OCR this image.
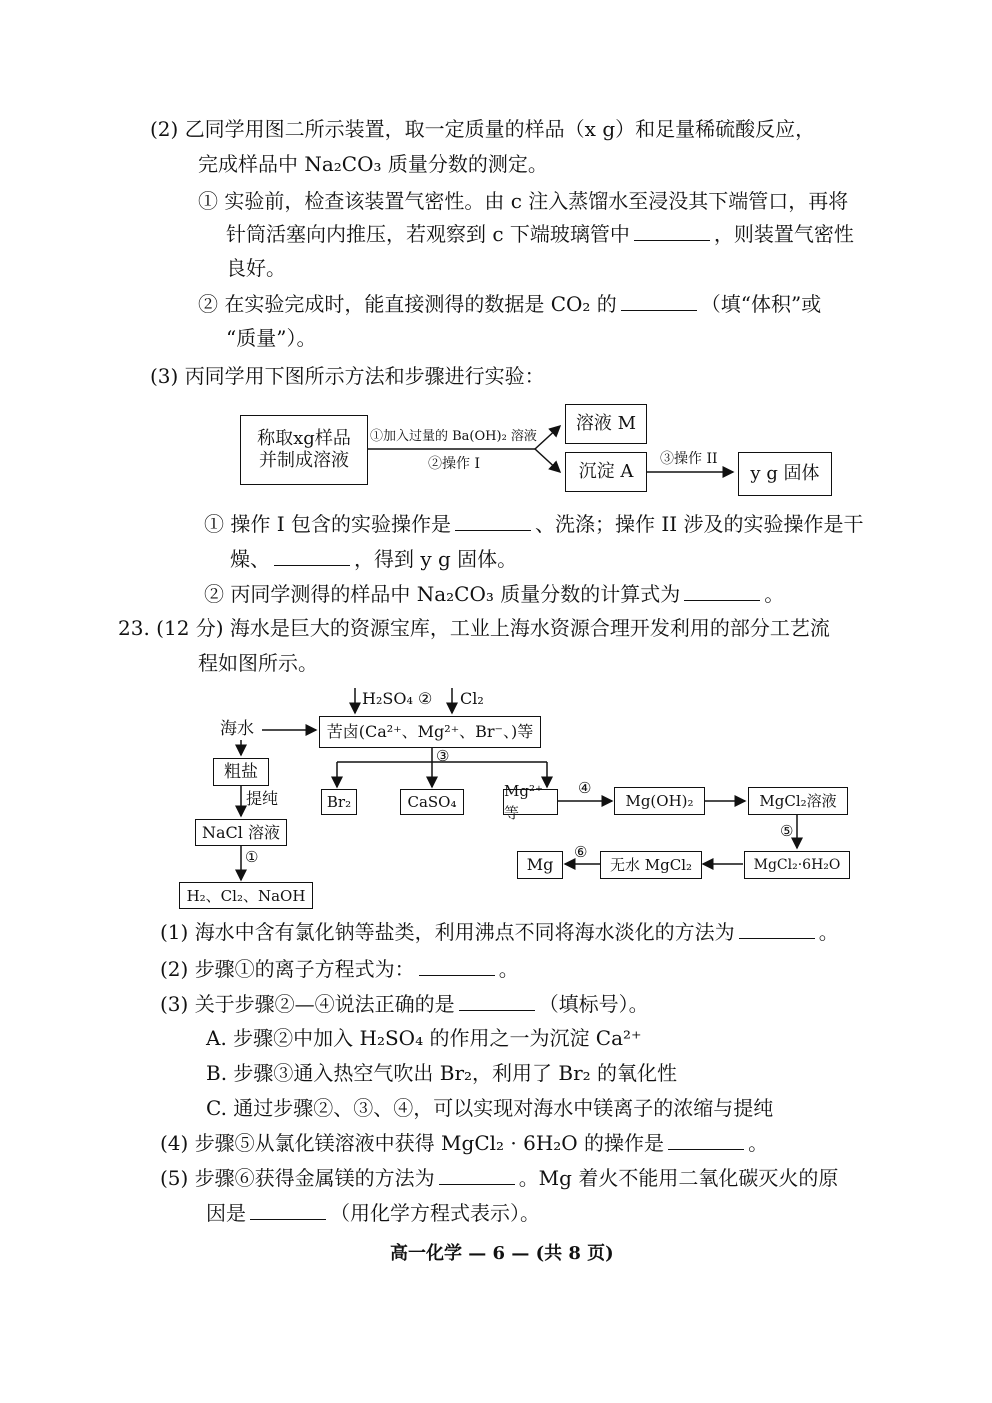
(2) 乙同学用图二所示装置，取一定质量的样品（x g）和足量稀硫酸反应，
完成样品中 Na₂CO₃ 质量分数的测定。
① 实验前，检查该装置气密性。由 c 注入蒸馏水至浸没其下端管口，再将
针筒活塞向内推压，若观察到 c 下端玻璃管中	，则装置气密性
良好。
② 在实验完成时，能直接测得的数据是 CO₂ 的	（填“体积”或
“质量”）。
(3) 丙同学用下图所示方法和步骤进行实验：
称取xg样品
并制成溶液
①加入过量的 Ba(OH)₂ 溶液
②操作 I
溶液 M
沉淀 A
③操作 II
y g 固体
① 操作 I 包含的实验操作是	、洗涤；操作 II 涉及的实验操作是干
燥、	，得到 y g 固体。
② 丙同学测得的样品中 Na₂CO₃ 质量分数的计算式为	。
23. (12 分) 海水是巨大的资源宝库，工业上海水资源合理开发利用的部分工艺流
程如图所示。
H₂SO₄ ② Cl₂
海水	苦卤(Ca²⁺、Mg²⁺、Br⁻、)等
③
粗盐
提纯	Br₂	CaSO₄
Mg²⁺等
④
Mg(OH)₂	MgCl₂溶液
NaCl 溶液
①
⑤
Mg
⑥
无水 MgCl₂	MgCl₂·6H₂O
H₂、Cl₂、NaOH
(1) 海水中含有氯化钠等盐类，利用沸点不同将海水淡化的方法为	。
(2) 步骤①的离子方程式为：	。
(3) 关于步骤②—④说法正确的是	（填标号）。
A. 步骤②中加入 H₂SO₄ 的作用之一为沉淀 Ca²⁺
B. 步骤③通入热空气吹出 Br₂，利用了 Br₂ 的氧化性
C. 通过步骤②、③、④，可以实现对海水中镁离子的浓缩与提纯
(4) 步骤⑤从氯化镁溶液中获得 MgCl₂ · 6H₂O 的操作是	。
(5) 步骤⑥获得金属镁的方法为	。Mg 着火不能用二氧化碳灭火的原
因是	（用化学方程式表示）。
高一化学 — 6 — (共 8 页)
